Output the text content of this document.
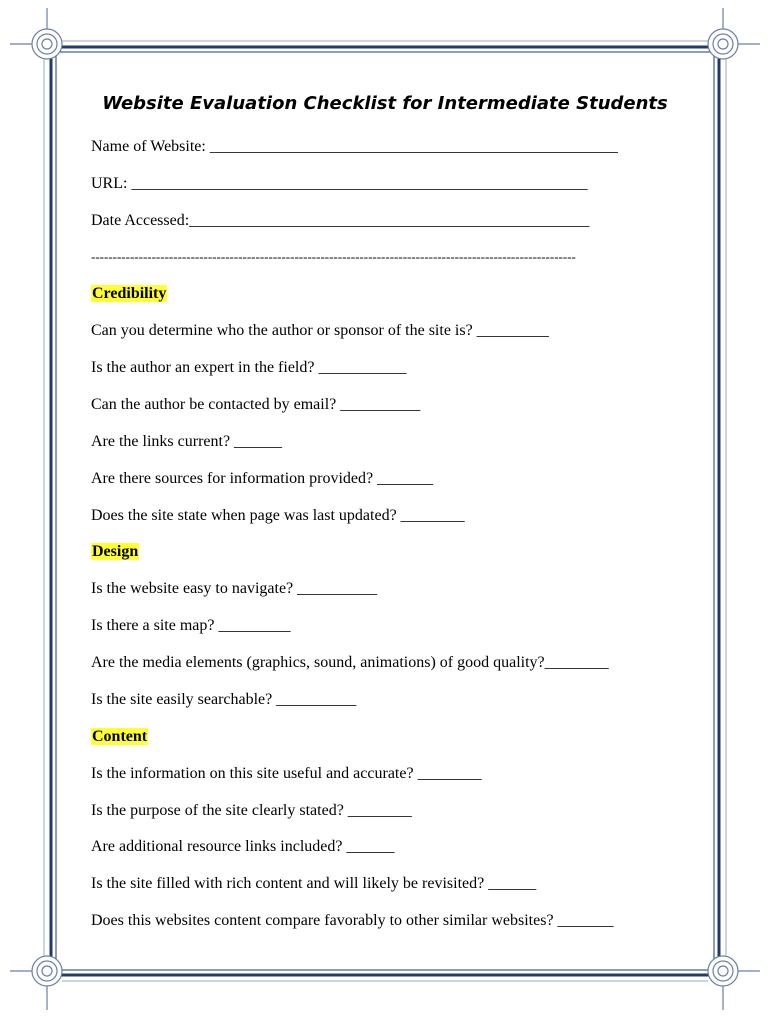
Website Evaluation Checklist for Intermediate Students
Name of Website: ___________________________________________________
URL: _________________________________________________________
Date Accessed:__________________________________________________
----------------------------------------------------------------------------------------------------------------
Credibility
Can you determine who the author or sponsor of the site is? _________
Is the author an expert in the field? ___________
Can the author be contacted by email? __________
Are the links current? ______
Are there sources for information provided? _______
Does the site state when page was last updated? ________
Design
Is the website easy to navigate? __________
Is there a site map? _________
Are the media elements (graphics, sound, animations) of good quality?________
Is the site easily searchable? __________
Content
Is the information on this site useful and accurate? ________
Is the purpose of the site clearly stated? ________
Are additional resource links included? ______
Is the site filled with rich content and will likely be revisited? ______
Does this websites content compare favorably to other similar websites? _______
